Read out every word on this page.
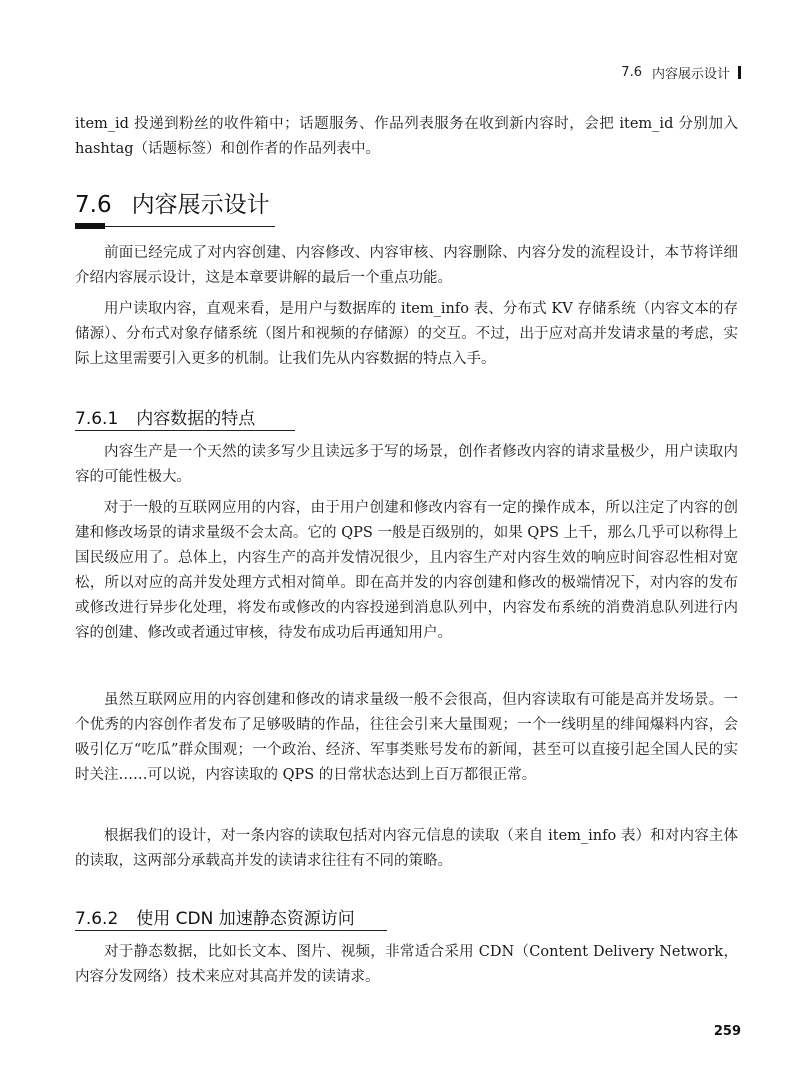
7.6 内容展示设计

item_id 投递到粉丝的收件箱中；话题服务、作品列表服务在收到新内容时，会把 item_id 分别加入 hashtag（话题标签）和创作者的作品列表中。

7.6 内容展示设计

前面已经完成了对内容创建、内容修改、内容审核、内容删除、内容分发的流程设计，本节将详细介绍内容展示设计，这是本章要讲解的最后一个重点功能。

用户读取内容，直观来看，是用户与数据库的 item_info 表、分布式 KV 存储系统（内容文本的存储源）、分布式对象存储系统（图片和视频的存储源）的交互。不过，出于应对高并发请求量的考虑，实际上这里需要引入更多的机制。让我们先从内容数据的特点入手。

7.6.1 内容数据的特点

内容生产是一个天然的读多写少且读远多于写的场景，创作者修改内容的请求量极少，用户读取内容的可能性极大。

对于一般的互联网应用的内容，由于用户创建和修改内容有一定的操作成本，所以注定了内容的创建和修改场景的请求量级不会太高。它的 QPS 一般是百级别的，如果 QPS 上千，那么几乎可以称得上国民级应用了。总体上，内容生产的高并发情况很少，且内容生产对内容生效的响应时间容忍性相对宽松，所以对应的高并发处理方式相对简单。即在高并发的内容创建和修改的极端情况下，对内容的发布或修改进行异步化处理，将发布或修改的内容投递到消息队列中，内容发布系统的消费消息队列进行内容的创建、修改或者通过审核，待发布成功后再通知用户。

虽然互联网应用的内容创建和修改的请求量级一般不会很高，但内容读取有可能是高并发场景。一个优秀的内容创作者发布了足够吸睛的作品，往往会引来大量围观；一个一线明星的绯闻爆料内容，会吸引亿万“吃瓜”群众围观；一个政治、经济、军事类账号发布的新闻，甚至可以直接引起全国人民的实时关注……可以说，内容读取的 QPS 的日常状态达到上百万都很正常。

根据我们的设计，对一条内容的读取包括对内容元信息的读取（来自 item_info 表）和对内容主体的读取，这两部分承载高并发的读请求往往有不同的策略。

7.6.2 使用 CDN 加速静态资源访问

对于静态数据，比如长文本、图片、视频，非常适合采用 CDN（Content Delivery Network，内容分发网络）技术来应对其高并发的读请求。

259
